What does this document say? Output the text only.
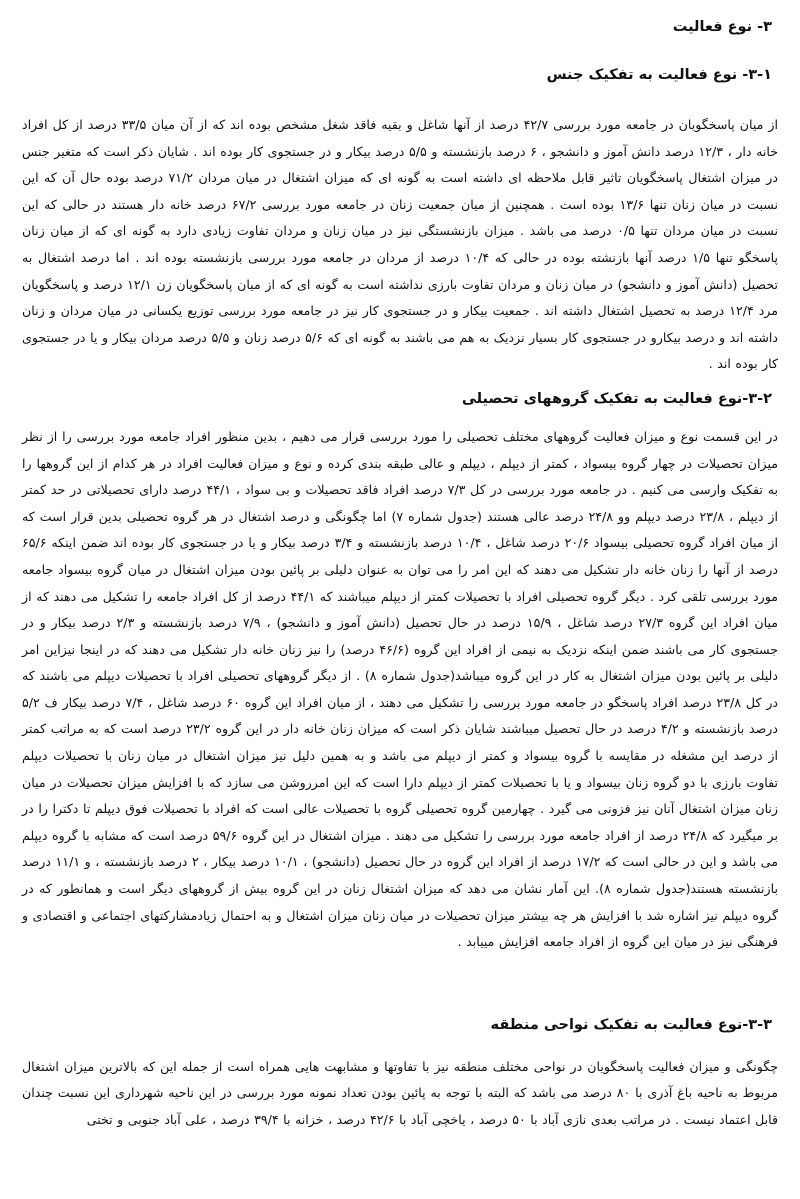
۳- نوع فعالیت
۳-۱- نوع فعالیت به تفکیک جنس

از میان پاسخگویان در جامعه مورد بررسی ۴۲/۷ درصد از آنها شاغل و بقیه فاقد شغل مشخص بوده اند که از آن میان ۳۳/۵ درصد از کل افراد خانه دار ، ۱۲/۳ درصد دانش آموز و دانشجو ، ۶ درصد بازنشسته و ۵/۵ درصد بیکار و در جستجوی کار بوده اند . شایان ذکر است که متغیر جنس در میزان اشتغال پاسخگویان تاثیر قابل ملاحظه ای داشته است به گونه ای که میزان اشتغال در میان مردان ۷۱/۲ درصد بوده حال آن که این نسبت در میان زنان تنها ۱۳/۶ بوده است . همچنین از میان جمعیت زنان در جامعه مورد بررسی ۶۷/۲ درصد خانه دار هستند در حالی که این نسبت در میان مردان تنها ۰/۵ درصد می باشد . میزان بازنشستگی نیز در میان زنان و مردان تفاوت زیادی دارد به گونه ای که از میان زنان پاسخگو تنها ۱/۵ درصد آنها بازنشته بوده در حالی که ۱۰/۴ درصد از مردان در جامعه مورد بررسی بازنشسته بوده اند . اما درصد اشتغال به تحصیل (دانش آموز و دانشجو) در میان زنان و مردان تفاوت بارزی نداشته است به گونه ای که از میان پاسخگویان زن ۱۲/۱ درصد و پاسخگویان مرد ۱۲/۴ درصد به تحصیل اشتغال داشته اند . جمعیت بیکار و در جستجوی کار نیز در جامعه مورد بررسی توزیع یکسانی در میان مردان و زنان داشته اند و درصد بیکارو در جستجوی کار بسیار نزدیک به هم می باشند به گونه ای که ۵/۶ درصد زنان و ۵/۵ درصد مردان بیکار و یا در جستجوی کار بوده اند .

۳-۲-نوع فعالیت به تفکیک گروههای تحصیلی

در این قسمت نوع و میزان فعالیت گروههای مختلف تحصیلی را مورد بررسی قرار می دهیم ، بدین منظور افراد جامعه مورد بررسی را از نظر میزان تحصیلات در چهار گروه بیسواد ، کمتر از دیپلم ، دیپلم و عالی طبقه بندی کرده و نوع و میزان فعالیت افراد در هر کدام از این گروهها را به تفکیک وارسی می کنیم . در جامعه مورد بررسی در کل ۷/۳ درصد افراد فاقد تحصیلات و بی سواد ، ۴۴/۱ درصد دارای تحصیلاتی در حد کمتر از دیپلم ، ۲۳/۸ درصد دیپلم وو ۲۴/۸ درصد عالی هستند (جدول شماره ۷) اما چگونگی و درصد اشتغال در هر گروه تحصیلی بدین قرار است که از میان افراد گروه تحصیلی بیسواد ۲۰/۶ درصد شاغل ، ۱۰/۴ درصد بازنشسته و ۳/۴ درصد بیکار و یا در جستجوی کار بوده اند ضمن اینکه ۶۵/۶ درصد از آنها را زنان خانه دار تشکیل می دهند که این امر را می توان به عنوان دلیلی بر پائین بودن میزان اشتغال در میان گروه بیسواد جامعه مورد بررسی تلقی کرد . دیگر گروه تحصیلی افراد با تحصیلات کمتر از دیپلم میباشند که ۴۴/۱ درصد از کل افراد جامعه را تشکیل می دهند که از میان افراد این گروه ۲۷/۳ درصد شاغل ، ۱۵/۹ درصد در حال تحصیل (دانش آموز و دانشجو) ، ۷/۹ درصد بازنشسته و ۲/۳ درصد بیکار و در جستجوی کار می باشند ضمن اینکه نزدیک به نیمی از افراد این گروه (۴۶/۶ درصد) را نیز زنان خانه دار تشکیل می دهند که در اینجا نیزاین امر دلیلی بر پائین بودن میزان اشتغال به کار در این گروه میباشد(جدول شماره ۸) . از دیگر گروههای تحصیلی افراد با تحصیلات دیپلم می باشند که در کل ۲۳/۸ درصد افراد پاسخگو در جامعه مورد بررسی را تشکیل می دهند ، از میان افراد این گروه ۶۰ درصد شاغل ، ۷/۴ درصد بیکار ف ۵/۲ درصد بازنشسته و ۴/۲ درصد در حال تحصیل میباشند شایان ذکر است که میزان زنان خانه دار در این گروه ۲۳/۲ درصد است که به مراتب کمتر از درصد این مشغله در مقایسه با گروه بیسواد و کمتر از دیپلم می باشد و به همین دلیل نیز میزان اشتغال در میان زنان با تحصیلات دیپلم تفاوت بارزی با دو گروه زنان بیسواد و یا با تحصیلات کمتر از دیپلم دارا است که این امرروشن می سازد که با افزایش میزان تحصیلات در میان زنان میزان اشتغال آنان نیز فزونی می گیرد . چهارمین گروه تحصیلی گروه با تحصیلات عالی است که افراد با تحصیلات فوق دیپلم تا دکترا را در بر میگیرد که ۲۴/۸ درصد از افراد جامعه مورد بررسی را تشکیل می دهند . میزان اشتغال در این گروه ۵۹/۶ درصد است که مشابه با گروه دیپلم می باشد و این در حالی است که ۱۷/۲ درصد از افراد این گروه در حال تحصیل (دانشجو) ، ۱۰/۱ درصد بیکار ، ۲ درصد بازنشسته ، و ۱۱/۱ درصد بازنشسته هستند(جدول شماره ۸). این آمار نشان می دهد که میزان اشتغال زنان در این گروه بیش از گروههای دیگر است و همانطور که در گروه دیپلم نیز اشاره شد با افزایش هر چه بیشتر میزان تحصیلات در میان زنان میزان اشتغال و به احتمال زیادمشارکتهای اجتماعی و اقتصادی و فرهنگی نیز در میان این گروه از افراد جامعه افزایش مییابد .

۳-۳-نوع فعالیت به تفکیک نواحی منطقه

چگونگی و میزان فعالیت پاسخگویان در نواحی مختلف منطقه نیز با تفاوتها و مشابهت هایی همراه است از جمله این که بالاترین میزان اشتغال مربوط به ناحیه باغ آذری با ۸۰ درصد می باشد که البته با توجه به پائین بودن تعداد نمونه مورد بررسی در این ناحیه شهرداری این نسبت چندان قابل اعتماد نیست . در مراتب بعدی نازی آباد با ۵۰ درصد ، یاخچی آباد با ۴۲/۶ درصد ، خزانه با ۳۹/۴ درصد ، علی آباد جنوبی و تختی
